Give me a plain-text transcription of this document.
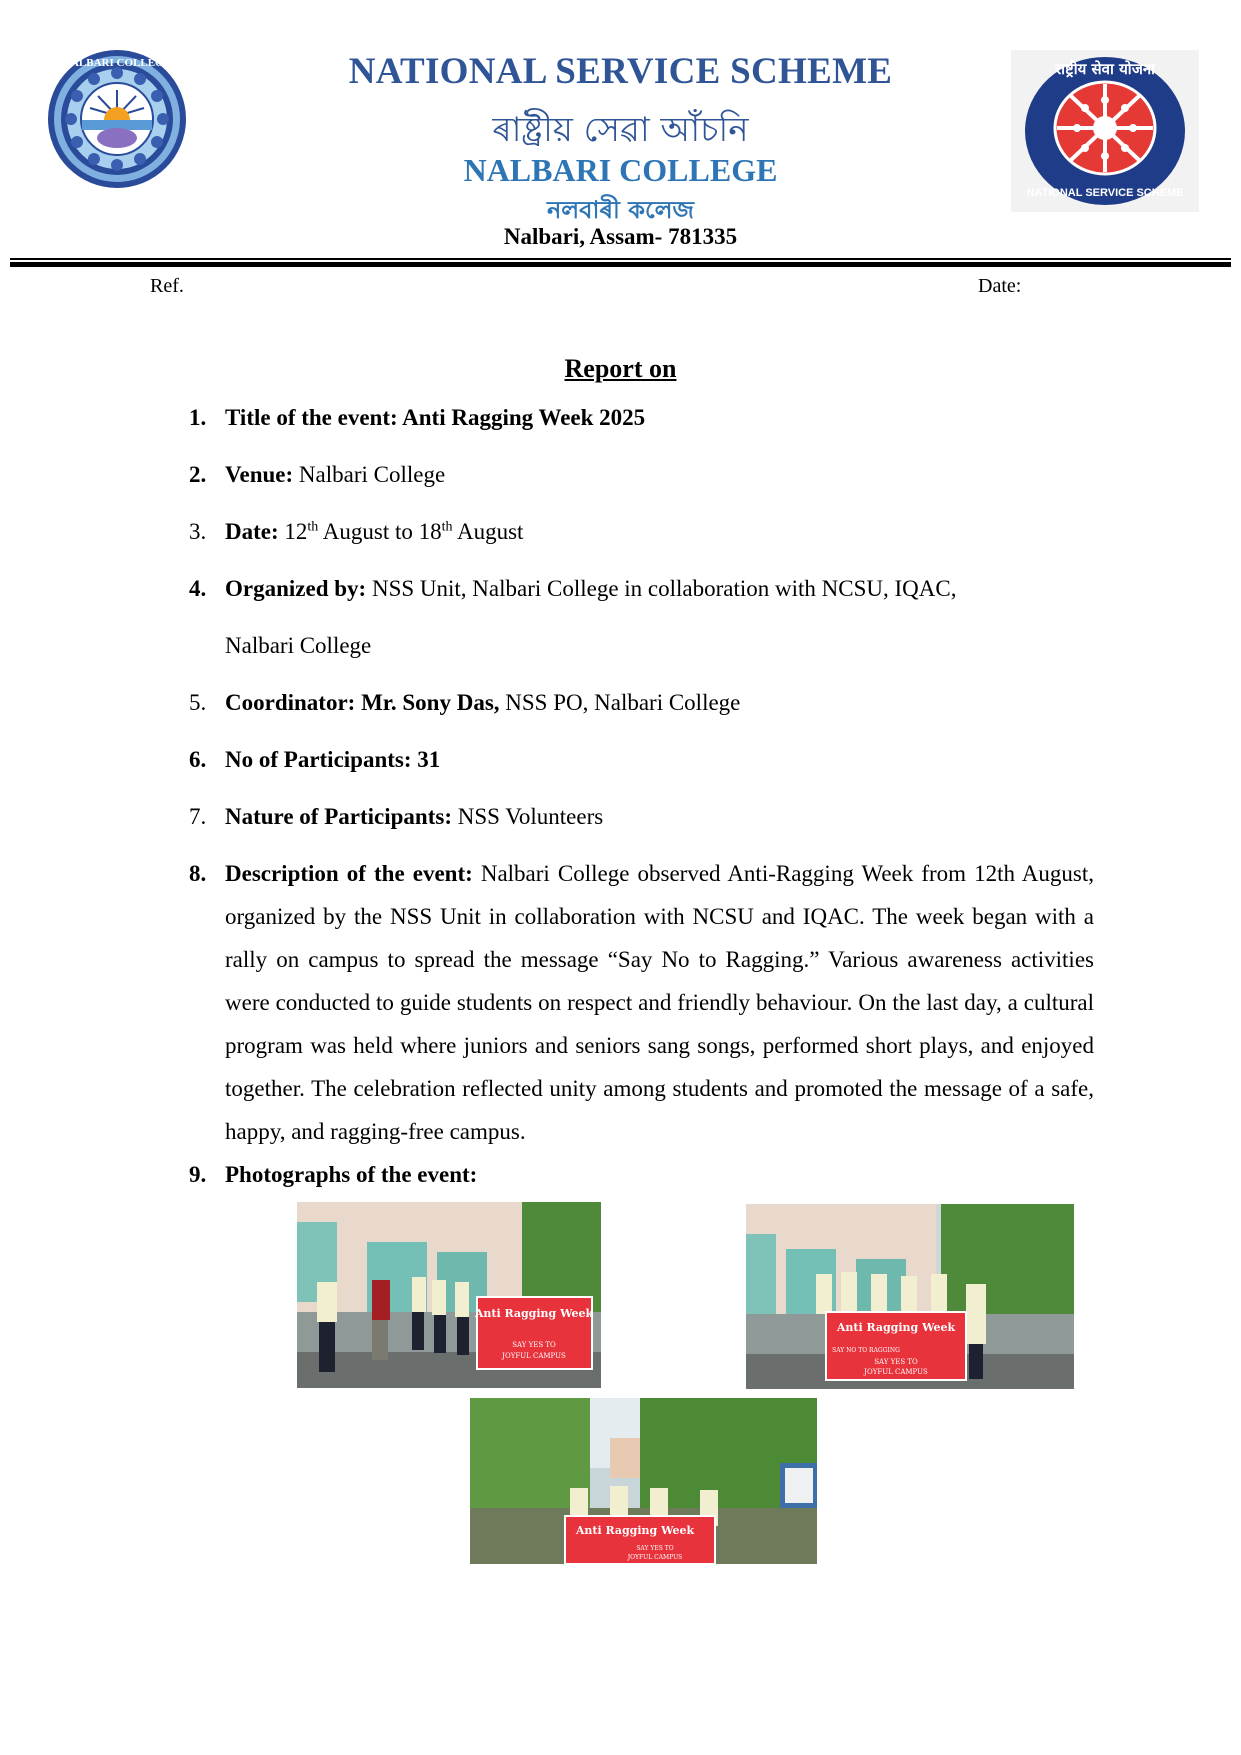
NALBARI COLLEGE	राष्ट्रीय सेवा योजना
NATIONAL SERVICE SCHEME
NATIONAL SERVICE SCHEME
ৰাষ্ট্ৰীয় সেৱা আঁচনি
NALBARI COLLEGE
নলবাৰী কলেজ
Nalbari, Assam- 781335
Ref.	Date:
Report on
1. Title of the event: Anti Ragging Week 2025
2. Venue: Nalbari College
3. Date: 12th August to 18th August
4. Organized by: NSS Unit, Nalbari College in collaboration with NCSU, IQAC,
Nalbari College
5. Coordinator: Mr. Sony Das, NSS PO, Nalbari College
6. No of Participants: 31
7. Nature of Participants: NSS Volunteers
8. Description of the event: Nalbari College observed Anti-Ragging Week from 12th August, organized by the NSS Unit in collaboration with NCSU and IQAC. The week began with a rally on campus to spread the message “Say No to Ragging.” Various awareness activities were conducted to guide students on respect and friendly behaviour. On the last day, a cultural program was held where juniors and seniors sang songs, performed short plays, and enjoyed together. The celebration reflected unity among students and promoted the message of a safe, happy, and ragging-free campus.
9. Photographs of the event:
Anti Ragging Week
SAY YES TO
JOYFUL CAMPUS
Anti Ragging Week
SAY NO TO RAGGING
SAY YES TO
JOYFUL CAMPUS
Anti Ragging Week
SAY YES TO
JOYFUL CAMPUS
